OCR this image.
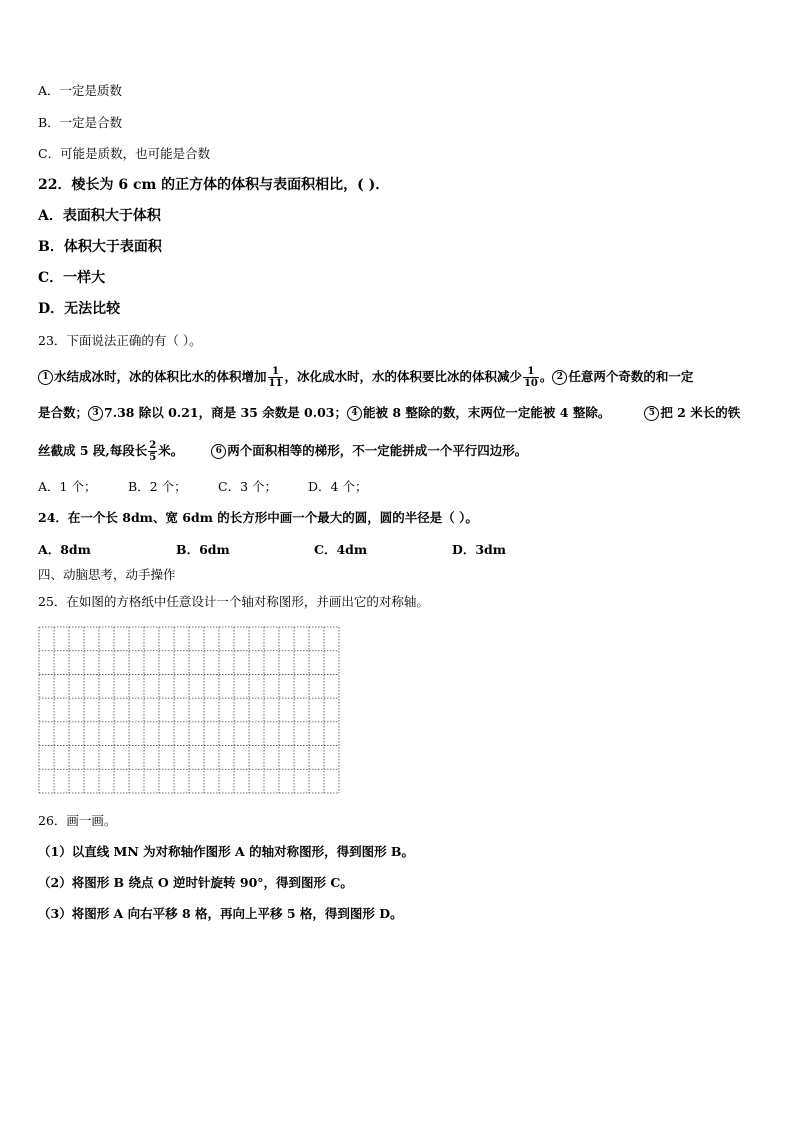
A．一定是质数
B．一定是合数
C．可能是质数，也可能是合数
22．棱长为 6 cm 的正方体的体积与表面积相比，( )．
A．表面积大于体积
B．体积大于表面积
C．一样大
D．无法比较
23．下面说法正确的有（ ）。
1 水结成冰时，冰的体积比水的体积增加 $\frac{1}{11}$ ，冰化成水时，水的体积要比冰的体积减少 $\frac{1}{10}$ 。 2 任意两个奇数的和一定
是合数； 3 7.38 除以 0.21，商是 35 余数是 0.03； 4 能被 8 整除的数，末两位一定能被 4 整除。	5 把 2 米长的铁
丝截成 5 段,每段长 $\frac{2}{5}$ 米。	6 两个面积相等的梯形，不一定能拼成一个平行四边形。
A．1 个；	B．2 个；	C．3 个； D．4 个；
24．在一个长 8dm、宽 6dm 的长方形中画一个最大的圆，圆的半径是（ ）。
A．8dm	B．6dm	C．4dm	D．3dm
四、动脑思考，动手操作
25．在如图的方格纸中任意设计一个轴对称图形，并画出它的对称轴。
26．画一画。
（1）以直线 MN 为对称轴作图形 A 的轴对称图形，得到图形 B。
（2）将图形 B 绕点 O 逆时针旋转 90°，得到图形 C。
（3）将图形 A 向右平移 8 格，再向上平移 5 格，得到图形 D。
